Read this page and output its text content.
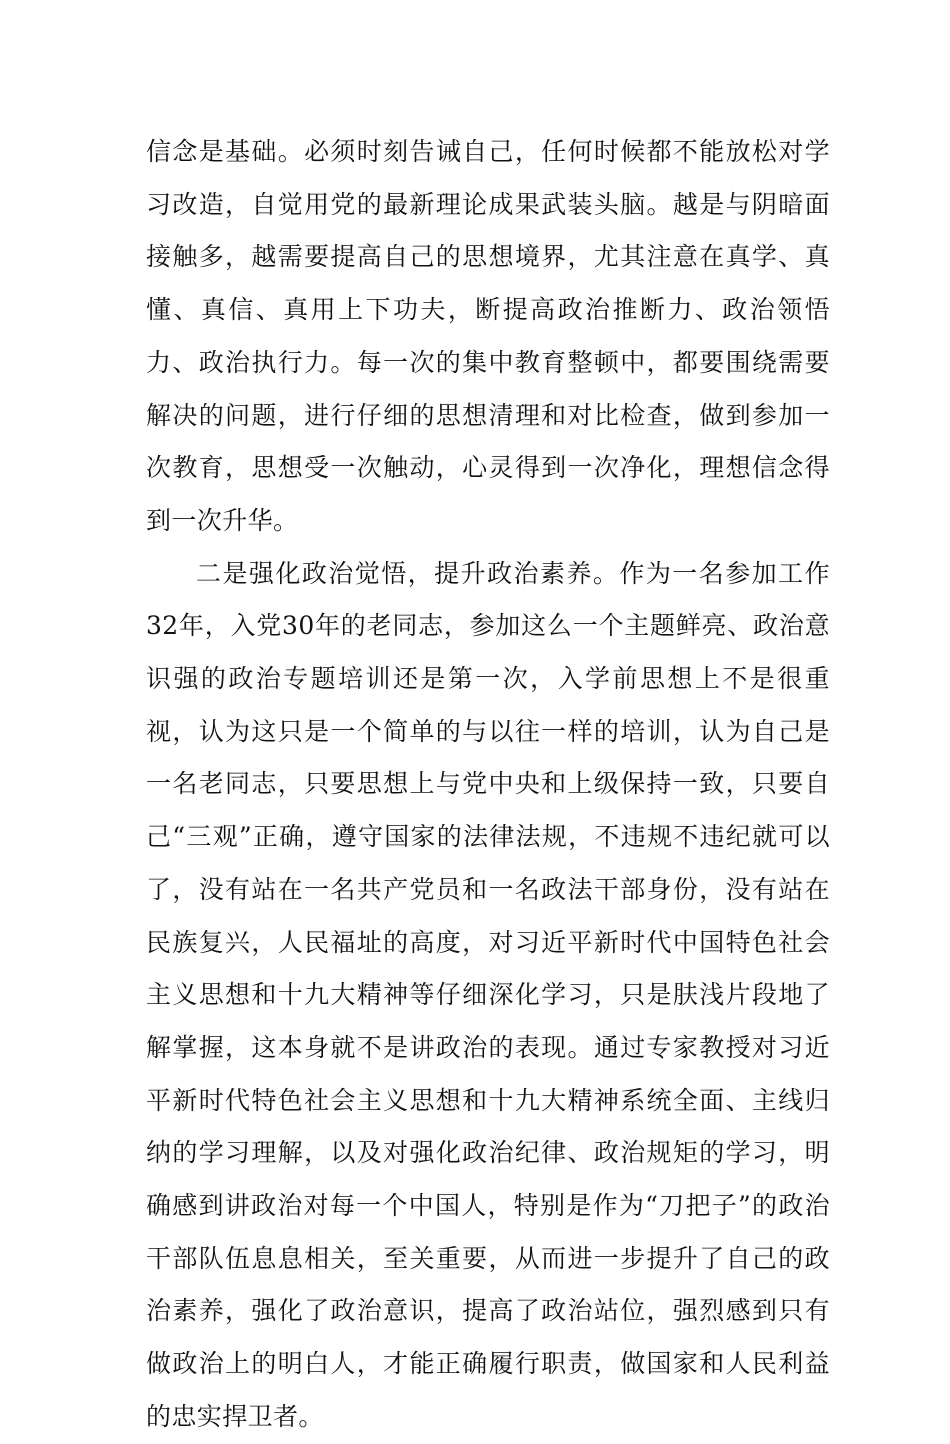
信念是基础。必须时刻告诫自己，任何时候都不能放松对学习改造，自觉用党的最新理论成果武装头脑。越是与阴暗面接触多，越需要提高自己的思想境界，尤其注意在真学、真懂、真信、真用上下功夫，断提高政治推断力、政治领悟力、政治执行力。每一次的集中教育整顿中，都要围绕需要解决的问题，进行仔细的思想清理和对比检查，做到参加一次教育，思想受一次触动，心灵得到一次净化，理想信念得到一次升华。

二是强化政治觉悟，提升政治素养。作为一名参加工作32年，入党30年的老同志，参加这么一个主题鲜亮、政治意识强的政治专题培训还是第一次，入学前思想上不是很重视，认为这只是一个简单的与以往一样的培训，认为自己是一名老同志，只要思想上与党中央和上级保持一致，只要自己“三观”正确，遵守国家的法律法规，不违规不违纪就可以了，没有站在一名共产党员和一名政法干部身份，没有站在民族复兴，人民福址的高度，对习近平新时代中国特色社会主义思想和十九大精神等仔细深化学习，只是肤浅片段地了解掌握，这本身就不是讲政治的表现。通过专家教授对习近平新时代特色社会主义思想和十九大精神系统全面、主线归纳的学习理解，以及对强化政治纪律、政治规矩的学习，明确感到讲政治对每一个中国人，特别是作为“刀把子”的政治干部队伍息息相关，至关重要，从而进一步提升了自己的政治素养，强化了政治意识，提高了政治站位，强烈感到只有做政治上的明白人，才能正确履行职责，做国家和人民利益的忠实捍卫者。
